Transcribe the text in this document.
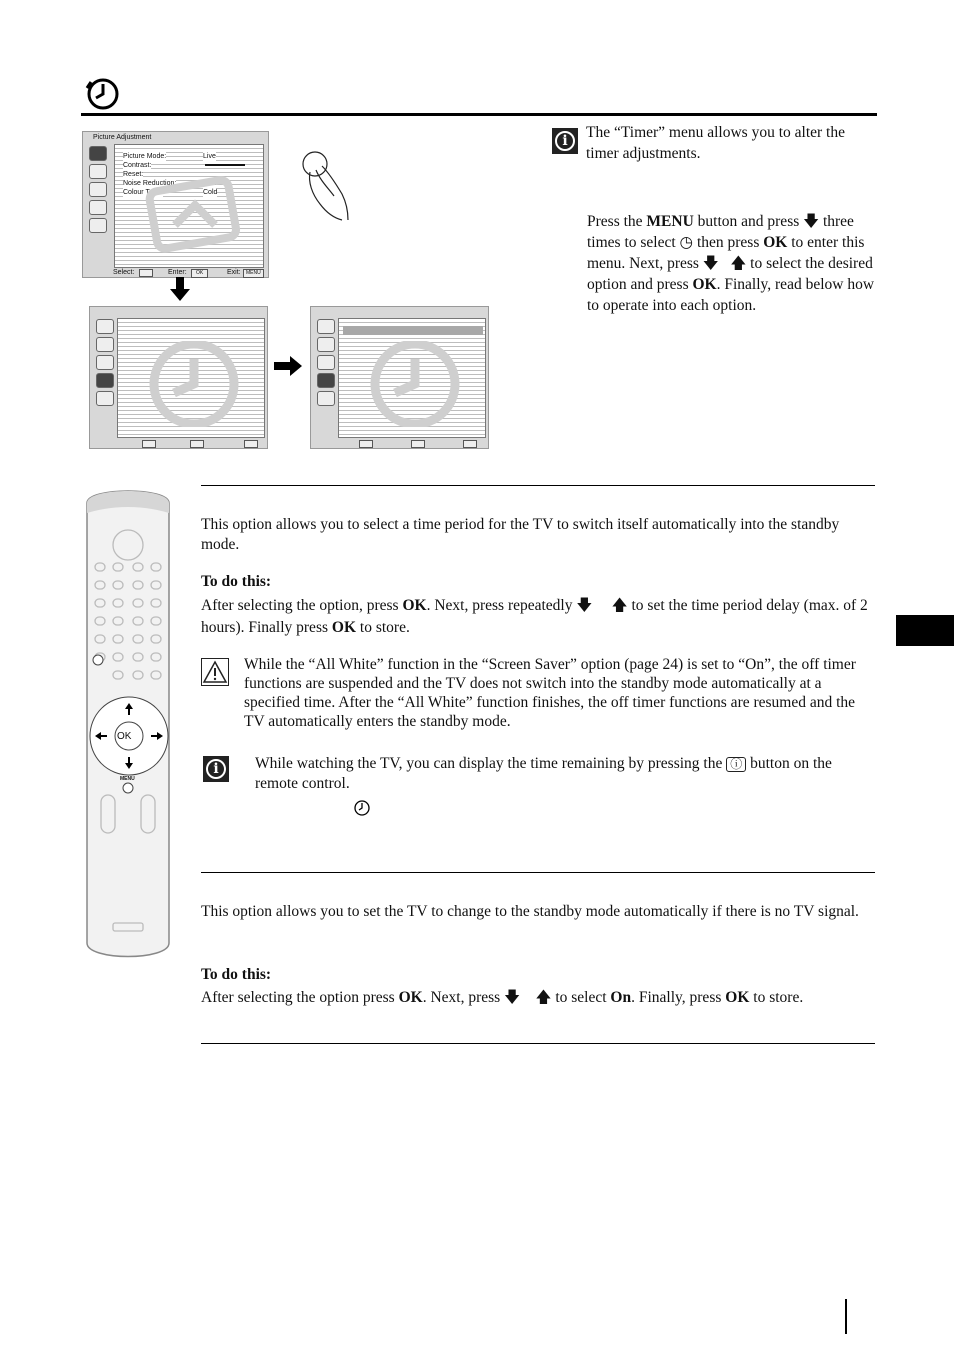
Picture Adjustment
Picture Mode:	Live
Contrast:
Reset:
Noise Reduction:	Auto
Colour Tone:	Cold
Select:	Enter:	OK	Exit:	MENU
i	The “Timer” menu allows you to alter the timer adjustments.

Press the MENU button and press 🡇 three times to select ◷ then press OK to enter this menu. Next, press 🡇 🡅 to select the desired option and press OK. Finally, read below how to operate into each option.

OK
MENU

This option allows you to select a time period for the TV to switch itself automatically into the standby mode.

To do this:

After selecting the option, press OK. Next, press repeatedly 🡇 🡅 to set the time period delay (max. of 2 hours). Finally press OK to store.

While the “All White” function in the “Screen Saver” option (page 24) is set to “On”, the off timer functions are suspended and the TV does not switch into the standby mode automatically at a specified time. After the “All White” function finishes, the off timer functions are resumed and the TV automatically enters the standby mode.

i	While watching the TV, you can display the time remaining by pressing the ⓘ button on the remote control.

This option allows you to set the TV to change to the standby mode automatically if there is no TV signal.

To do this:

After selecting the option press OK. Next, press 🡇 🡅 to select On. Finally, press OK to store.
